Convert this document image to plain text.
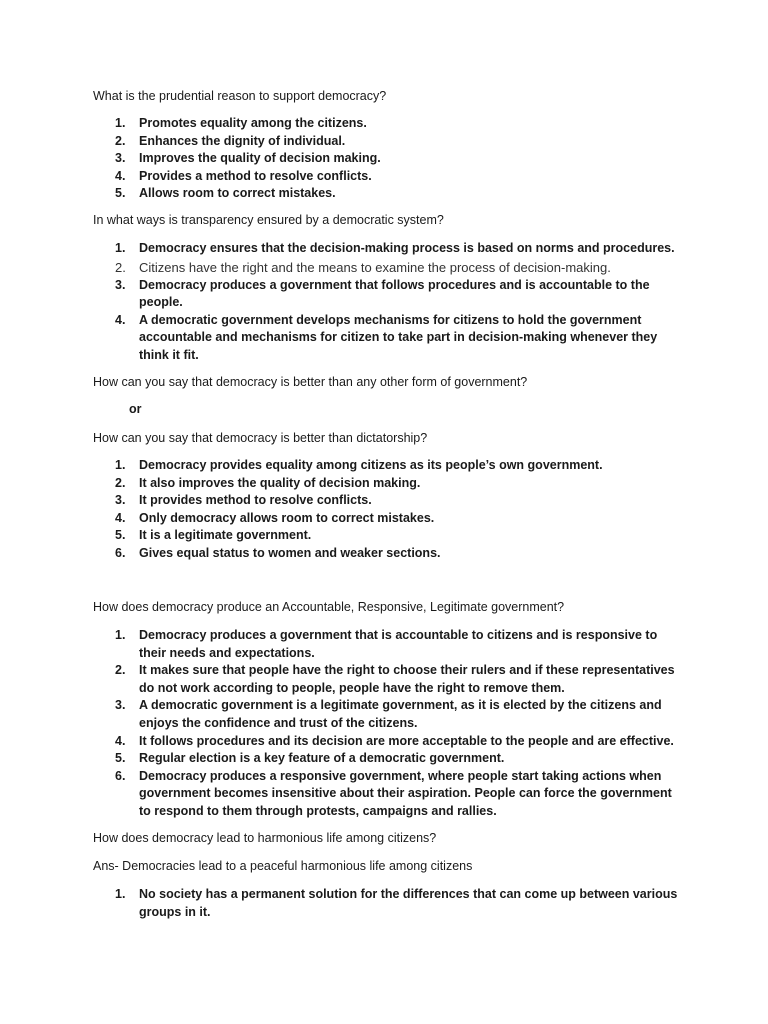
What is the prudential reason to support democracy?
1. Promotes equality among the citizens.
2. Enhances the dignity of individual.
3. Improves the quality of decision making.
4. Provides a method to resolve conflicts.
5. Allows room to correct mistakes.
In what ways is transparency ensured by a democratic system?
1. Democracy ensures that the decision-making process is based on norms and procedures.
2. Citizens have the right and the means to examine the process of decision-making.
3. Democracy produces a government that follows procedures and is accountable to the people.
4. A democratic government develops mechanisms for citizens to hold the government accountable and mechanisms for citizen to take part in decision-making whenever they think it fit.
How can you say that democracy is better than any other form of government?
or
How can you say that democracy is better than dictatorship?
1. Democracy provides equality among citizens as its people’s own government.
2. It also improves the quality of decision making.
3. It provides method to resolve conflicts.
4. Only democracy allows room to correct mistakes.
5. It is a legitimate government.
6. Gives equal status to women and weaker sections.
How does democracy produce an Accountable, Responsive, Legitimate government?
1. Democracy produces a government that is accountable to citizens and is responsive to their needs and expectations.
2. It makes sure that people have the right to choose their rulers and if these representatives do not work according to people, people have the right to remove them.
3. A democratic government is a legitimate government, as it is elected by the citizens and enjoys the confidence and trust of the citizens.
4. It follows procedures and its decision are more acceptable to the people and are effective.
5. Regular election is a key feature of a democratic government.
6. Democracy produces a responsive government, where people start taking actions when government becomes insensitive about their aspiration. People can force the government to respond to them through protests, campaigns and rallies.
How does democracy lead to harmonious life among citizens?
Ans- Democracies lead to a peaceful harmonious life among citizens
1. No society has a permanent solution for the differences that can come up between various groups in it.
